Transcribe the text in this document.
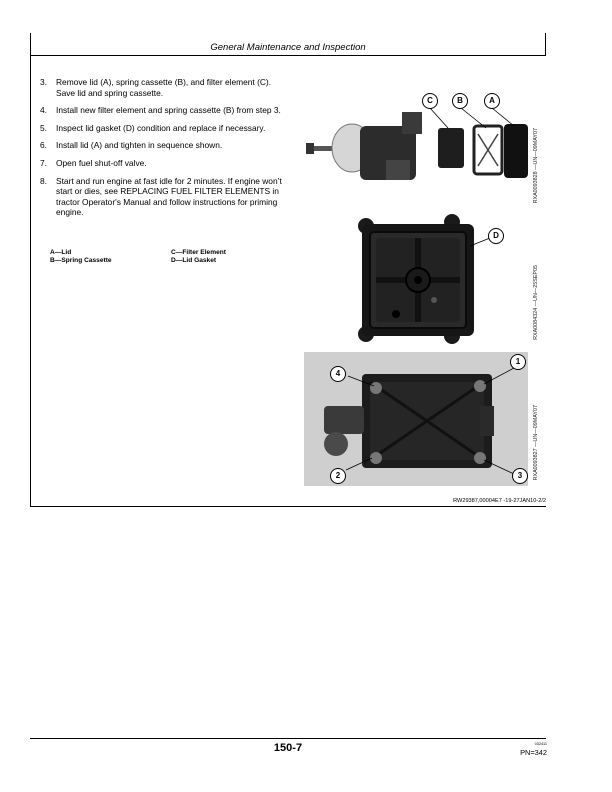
General Maintenance and Inspection
3.	Remove lid (A), spring cassette (B), and filter element (C). Save lid and spring cassette.
4.	Install new filter element and spring cassette (B) from step 3.
5.	Inspect lid gasket (D) condition and replace if necessary.
6.	Install lid (A) and tighten in sequence shown.
7.	Open fuel shut-off valve.
8.	Start and run engine at fast idle for 2 minutes. If engine won’t start or dies, see REPLACING FUEL FILTER ELEMENTS in tractor Operator's Manual and follow instructions for priming engine.
A—Lid	C—Filter Element
B—Spring Cassette	D—Lid Gasket
C	B	A
RXA0093828 —UN—09MAY07
D
RXA0084324 —UN—25SEP05
4
1
2	3	RXA0093827 —UN—09MAY07
RW29387,00004E7 -19-27JAN10-2/2
150-7	032411
PN=342
